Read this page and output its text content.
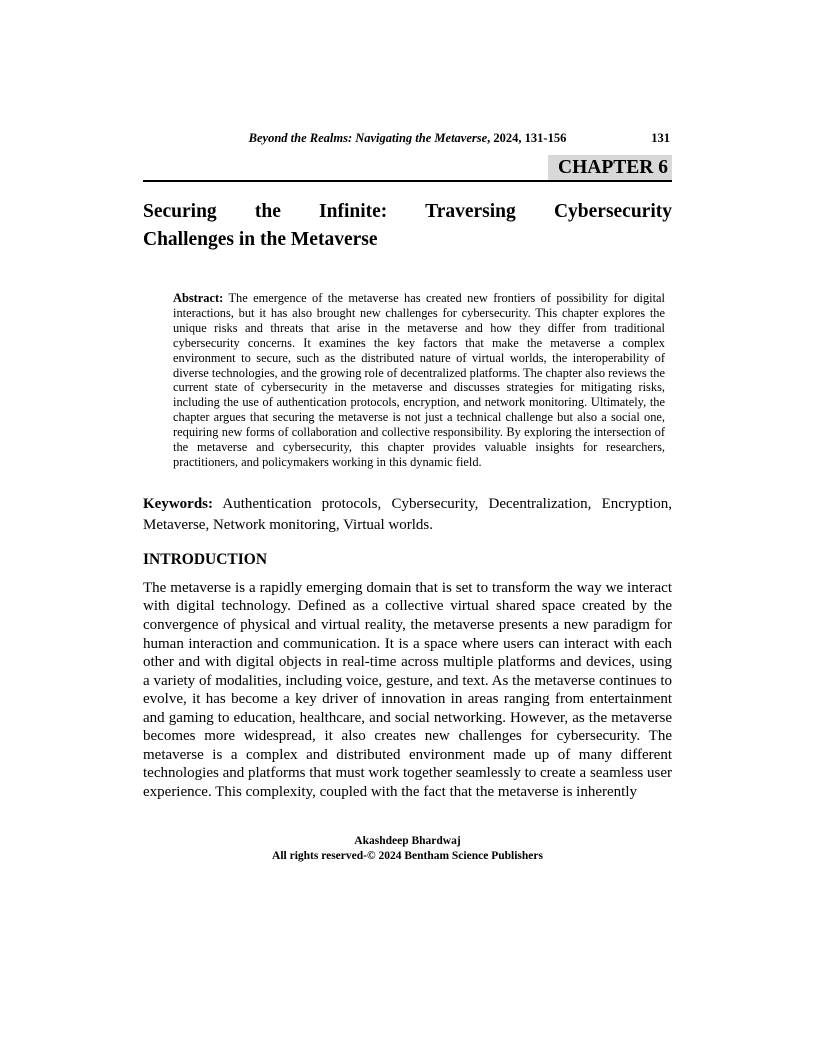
Beyond the Realms: Navigating the Metaverse, 2024, 131-156	131
CHAPTER 6
Securing the Infinite: Traversing Cybersecurity
Challenges in the Metaverse

Abstract: The emergence of the metaverse has created new frontiers of possibility for digital interactions, but it has also brought new challenges for cybersecurity. This chapter explores the unique risks and threats that arise in the metaverse and how they differ from traditional cybersecurity concerns. It examines the key factors that make the metaverse a complex environment to secure, such as the distributed nature of virtual worlds, the interoperability of diverse technologies, and the growing role of decentralized platforms. The chapter also reviews the current state of cybersecurity in the metaverse and discusses strategies for mitigating risks, including the use of authentication protocols, encryption, and network monitoring. Ultimately, the chapter argues that securing the metaverse is not just a technical challenge but also a social one, requiring new forms of collaboration and collective responsibility. By exploring the intersection of the metaverse and cybersecurity, this chapter provides valuable insights for researchers, practitioners, and policymakers working in this dynamic field.

Keywords: Authentication protocols, Cybersecurity, Decentralization, Encryption, Metaverse, Network monitoring, Virtual worlds.

INTRODUCTION

The metaverse is a rapidly emerging domain that is set to transform the way we interact with digital technology. Defined as a collective virtual shared space created by the convergence of physical and virtual reality, the metaverse presents a new paradigm for human interaction and communication. It is a space where users can interact with each other and with digital objects in real-time across multiple platforms and devices, using a variety of modalities, including voice, gesture, and text. As the metaverse continues to evolve, it has become a key driver of innovation in areas ranging from entertainment and gaming to education, healthcare, and social networking. However, as the metaverse becomes more widespread, it also creates new challenges for cybersecurity. The metaverse is a complex and distributed environment made up of many different technologies and platforms that must work together seamlessly to create a seamless user experience. This complexity, coupled with the fact that the metaverse is inherently

Akashdeep Bhardwaj
All rights reserved-© 2024 Bentham Science Publishers
